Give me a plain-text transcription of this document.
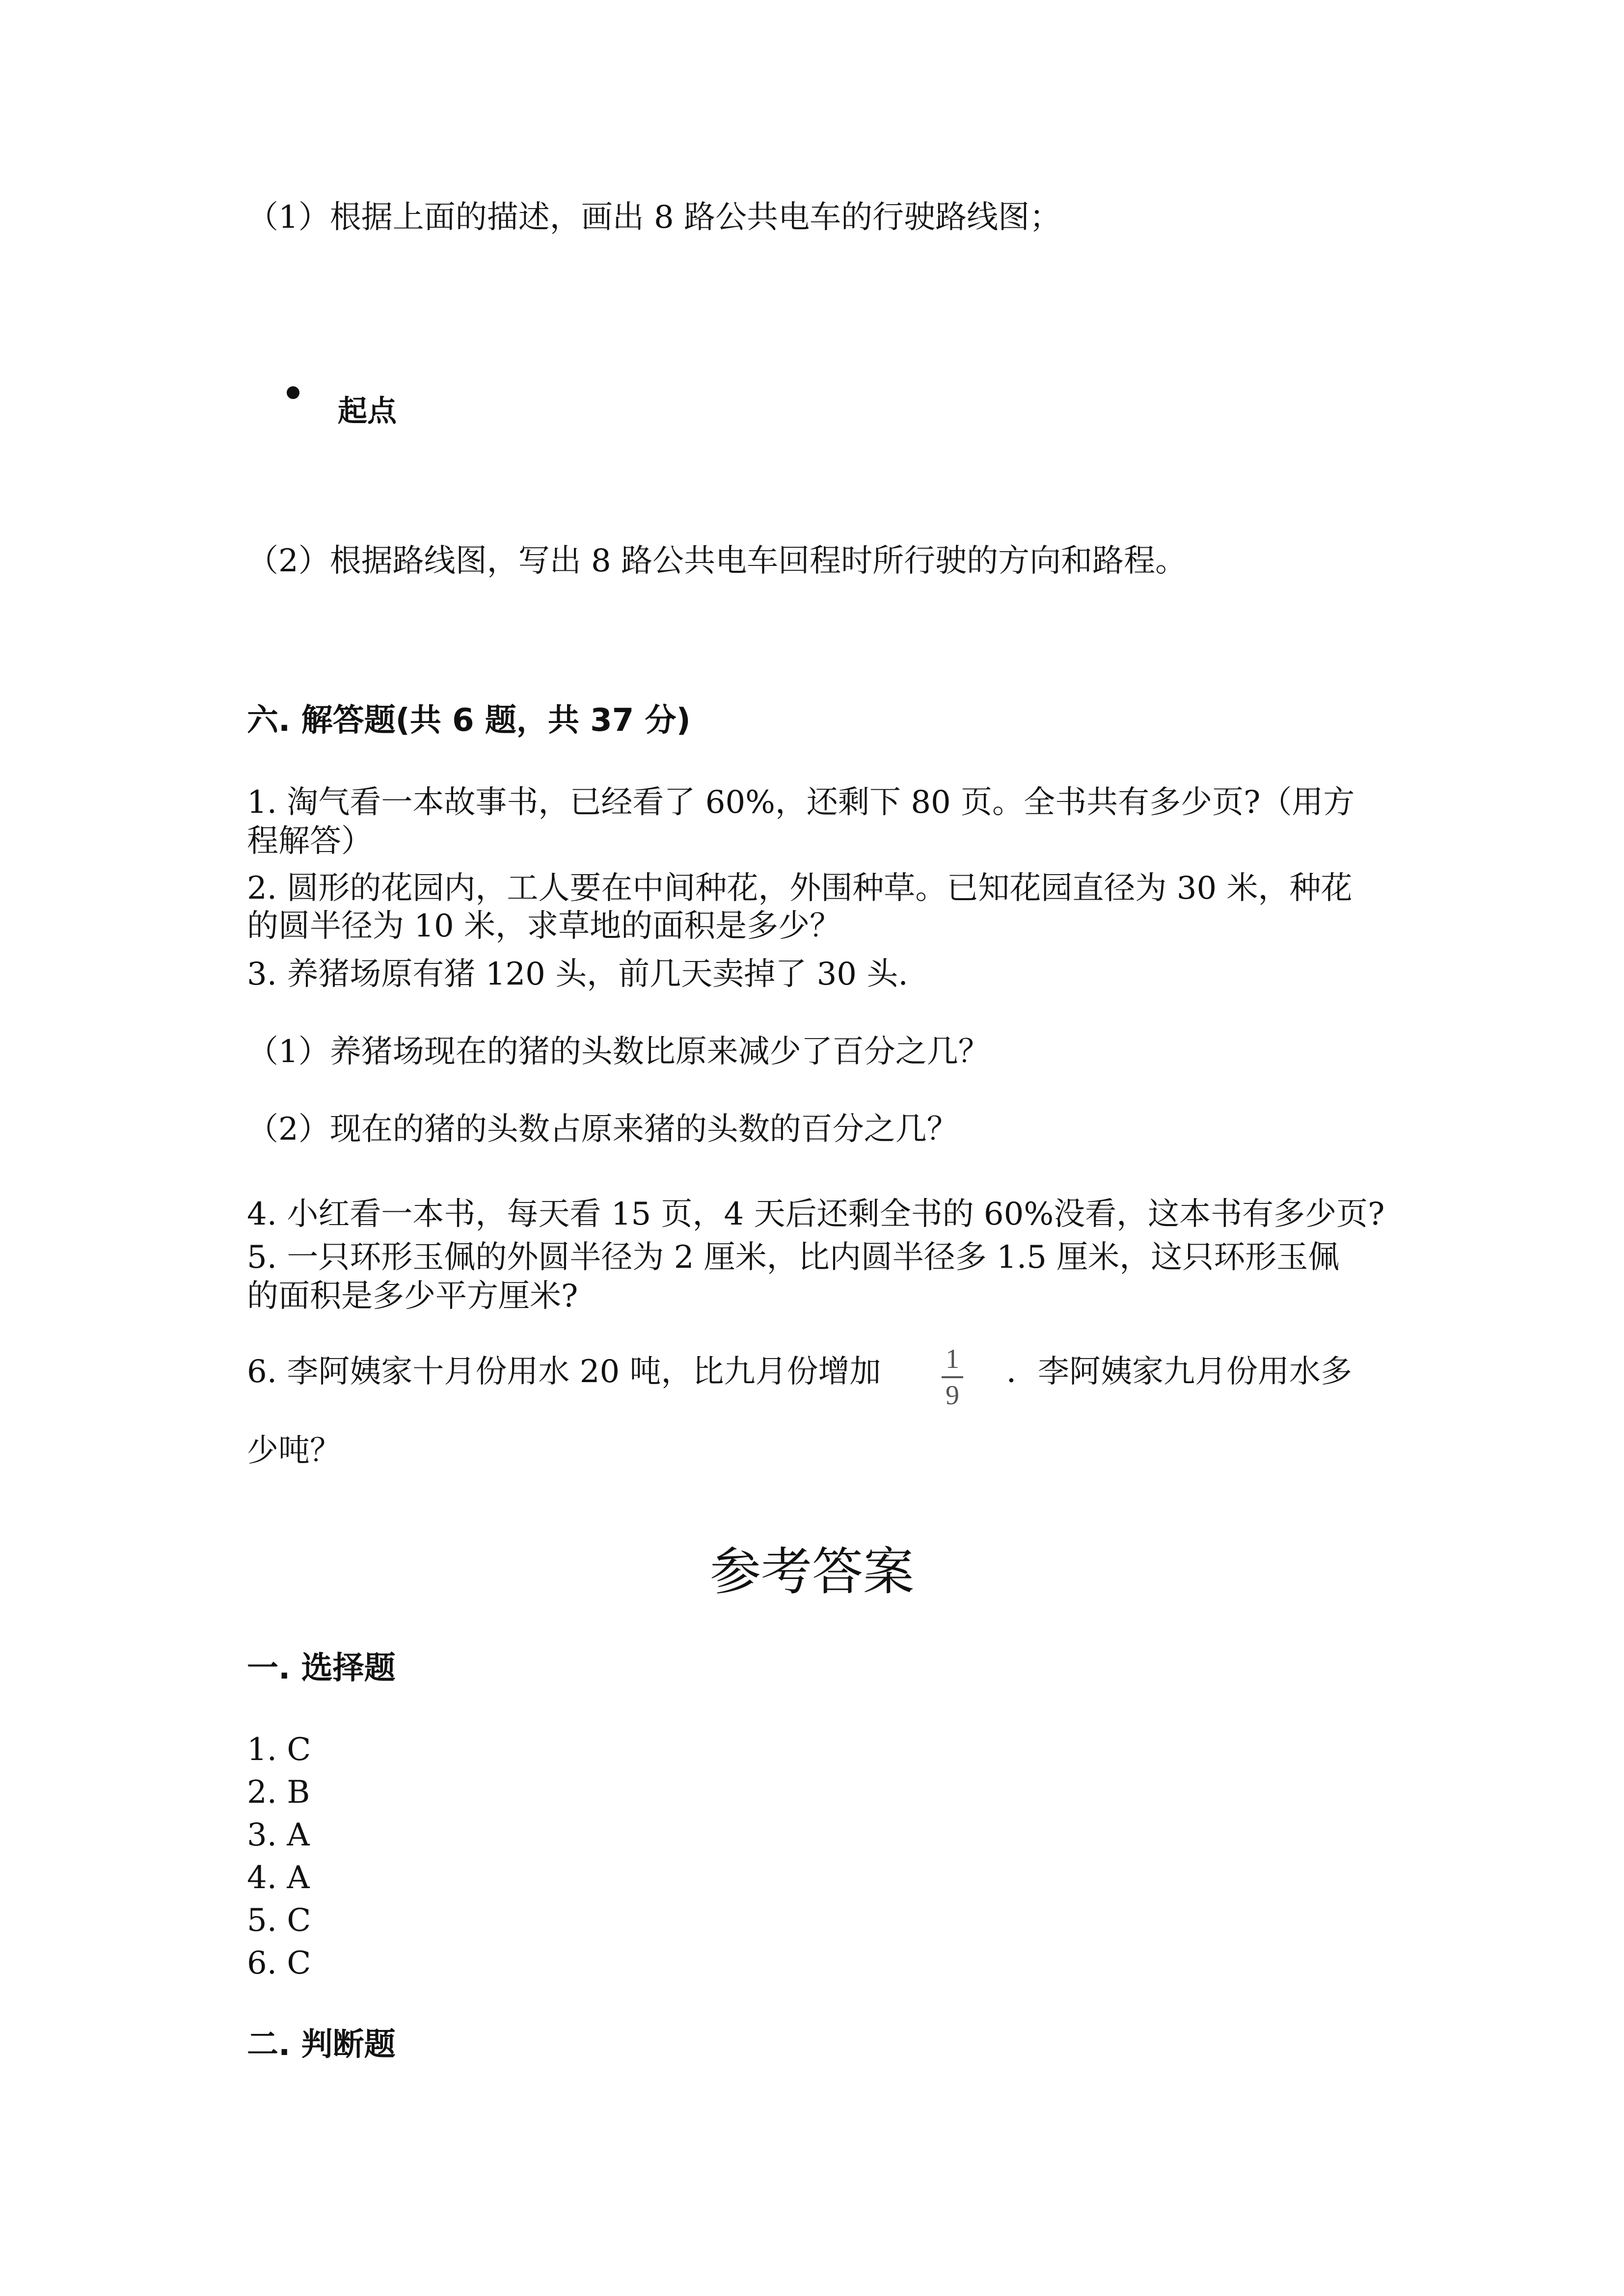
（1）根据上面的描述，画出 8 路公共电车的行驶路线图；
起点
（2）根据路线图，写出 8 路公共电车回程时所行驶的方向和路程。
六. 解答题(共 6 题，共 37 分)
1. 淘气看一本故事书，已经看了 60%，还剩下 80 页。全书共有多少页?（用方
程解答）
2. 圆形的花园内，工人要在中间种花，外围种草。已知花园直径为 30 米，种花
的圆半径为 10 米，求草地的面积是多少？
3. 养猪场原有猪 120 头，前几天卖掉了 30 头.
（1）养猪场现在的猪的头数比原来减少了百分之几？
（2）现在的猪的头数占原来猪的头数的百分之几？
4. 小红看一本书，每天看 15 页，4 天后还剩全书的 60%没看，这本书有多少页?
5. 一只环形玉佩的外圆半径为 2 厘米，比内圆半径多 1.5 厘米，这只环形玉佩
的面积是多少平方厘米?
6. 李阿姨家十月份用水 20 吨，比九月份增加	1
9
．李阿姨家九月份用水多
少吨？
参考答案
一. 选择题
1. C
2. B
3. A
4. A
5. C
6. C
二. 判断题
